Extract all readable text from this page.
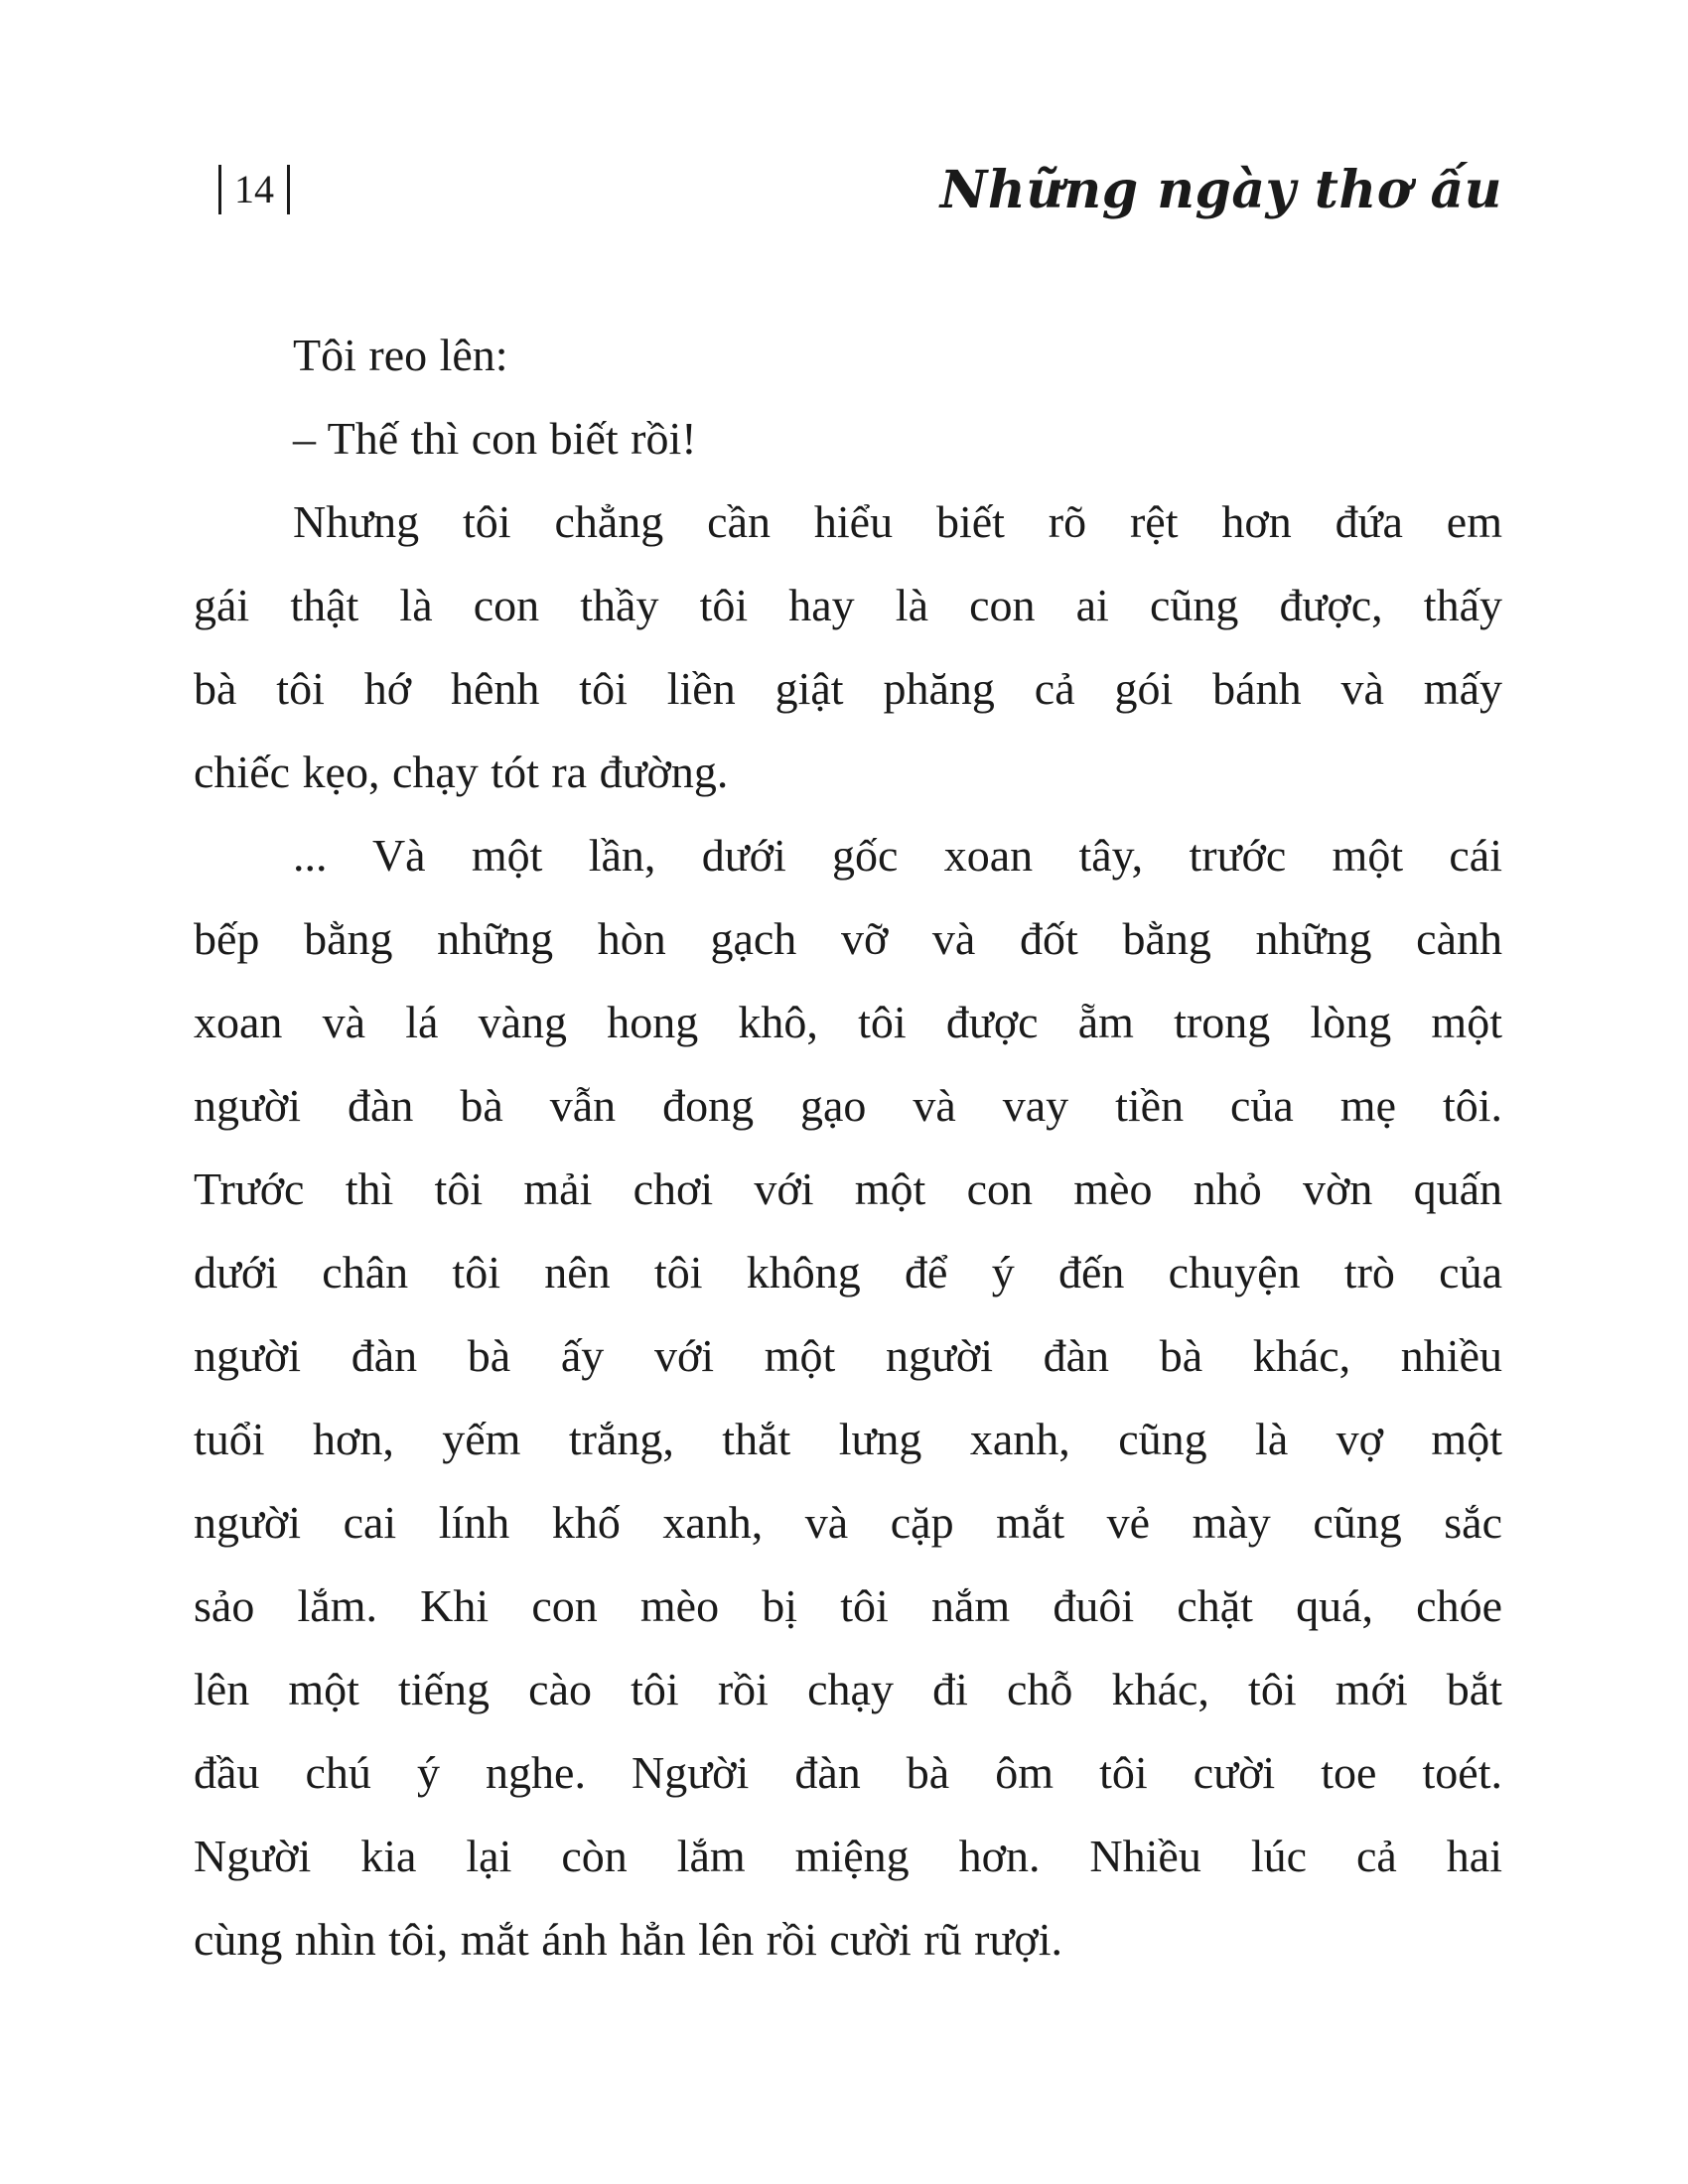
14	Những ngày thơ ấu
Tôi reo lên:
– Thế thì con biết rồi!
Nhưng tôi chẳng cần hiểu biết rõ rệt hơn đứa em
gái thật là con thầy tôi hay là con ai cũng được, thấy
bà tôi hớ hênh tôi liền giật phăng cả gói bánh và mấy
chiếc kẹo, chạy tót ra đường.
... Và một lần, dưới gốc xoan tây, trước một cái
bếp bằng những hòn gạch vỡ và đốt bằng những cành
xoan và lá vàng hong khô, tôi được ẵm trong lòng một
người đàn bà vẫn đong gạo và vay tiền của mẹ tôi.
Trước thì tôi mải chơi với một con mèo nhỏ vờn quấn
dưới chân tôi nên tôi không để ý đến chuyện trò của
người đàn bà ấy với một người đàn bà khác, nhiều
tuổi hơn, yếm trắng, thắt lưng xanh, cũng là vợ một
người cai lính khố xanh, và cặp mắt vẻ mày cũng sắc
sảo lắm. Khi con mèo bị tôi nắm đuôi chặt quá, chóe
lên một tiếng cào tôi rồi chạy đi chỗ khác, tôi mới bắt
đầu chú ý nghe. Người đàn bà ôm tôi cười toe toét.
Người kia lại còn lắm miệng hơn. Nhiều lúc cả hai
cùng nhìn tôi, mắt ánh hẳn lên rồi cười rũ rượi.
